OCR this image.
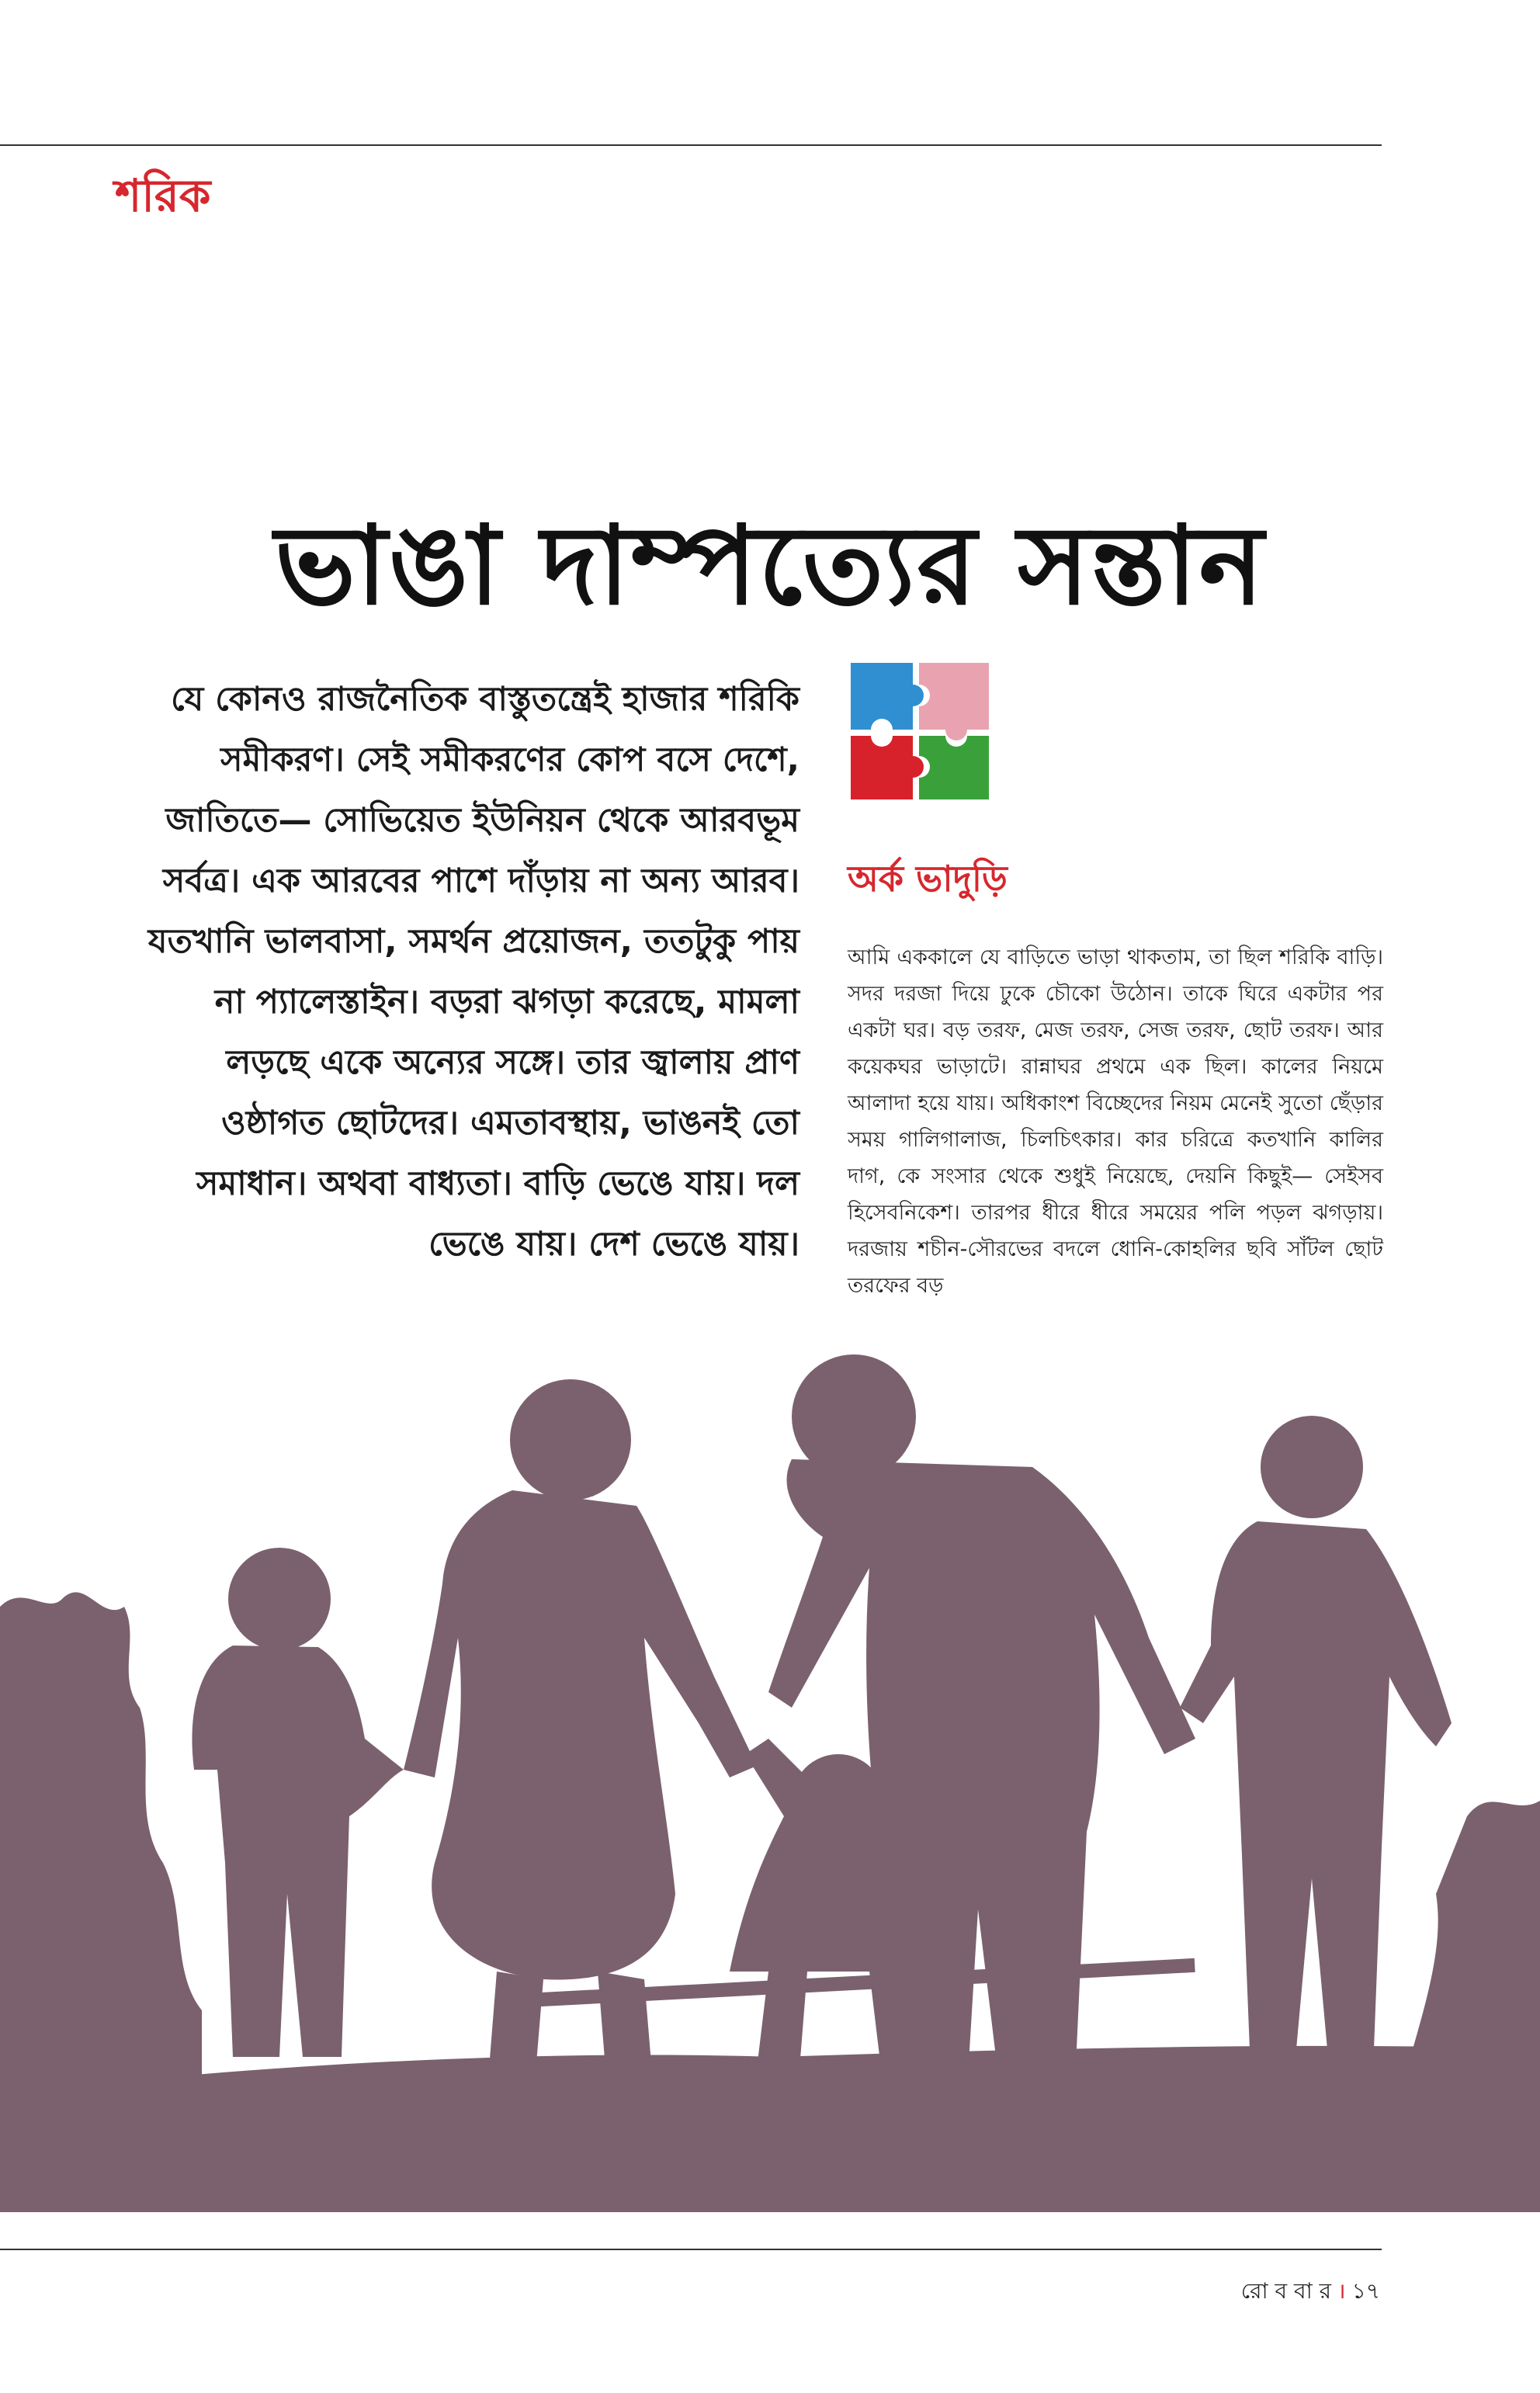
শরিক
ভাঙা দাম্পত্যের সন্তান

যে কোনও রাজনৈতিক বাস্তুতন্ত্রেই হাজার শরিকি সমীকরণ। সেই সমীকরণের কোপ বসে দেশে, জাতিতে— সোভিয়েত ইউনিয়ন থেকে আরবভূম সর্বত্র। এক আরবের পাশে দাঁড়ায় না অন্য আরব। যতখানি ভালবাসা, সমর্থন প্রয়োজন, ততটুকু পায় না প্যালেস্তাইন। বড়রা ঝগড়া করেছে, মামলা লড়ছে একে অন্যের সঙ্গে। তার জ্বালায় প্রাণ ওষ্ঠাগত ছোটদের। এমতাবস্থায়, ভাঙনই তো সমাধান। অথবা বাধ্যতা। বাড়ি ভেঙে যায়। দল ভেঙে যায়। দেশ ভেঙে যায়।

অর্ক ভাদুড়ি

আমি এককালে যে বাড়িতে ভাড়া থাকতাম, তা ছিল শরিকি বাড়ি। সদর দরজা দিয়ে ঢুকে চৌকো উঠোন। তাকে ঘিরে একটার পর একটা ঘর। বড় তরফ, মেজ তরফ, সেজ তরফ, ছোট তরফ। আর কয়েকঘর ভাড়াটে। রান্নাঘর প্রথমে এক ছিল। কালের নিয়মে আলাদা হয়ে যায়। অধিকাংশ বিচ্ছেদের নিয়ম মেনেই সুতো ছেঁড়ার সময় গালিগালাজ, চিলচিৎকার। কার চরিত্রে কতখানি কালির দাগ, কে সংসার থেকে শুধুই নিয়েছে, দেয়নি কিছুই— সেইসব হিসেবনিকেশ। তারপর ধীরে ধীরে সময়ের পলি পড়ল ঝগড়ায়। দরজায় শচীন-সৌরভের বদলে ধোনি-কোহলির ছবি সাঁটল ছোট তরফের বড়

রো ব বা র । ১৭
